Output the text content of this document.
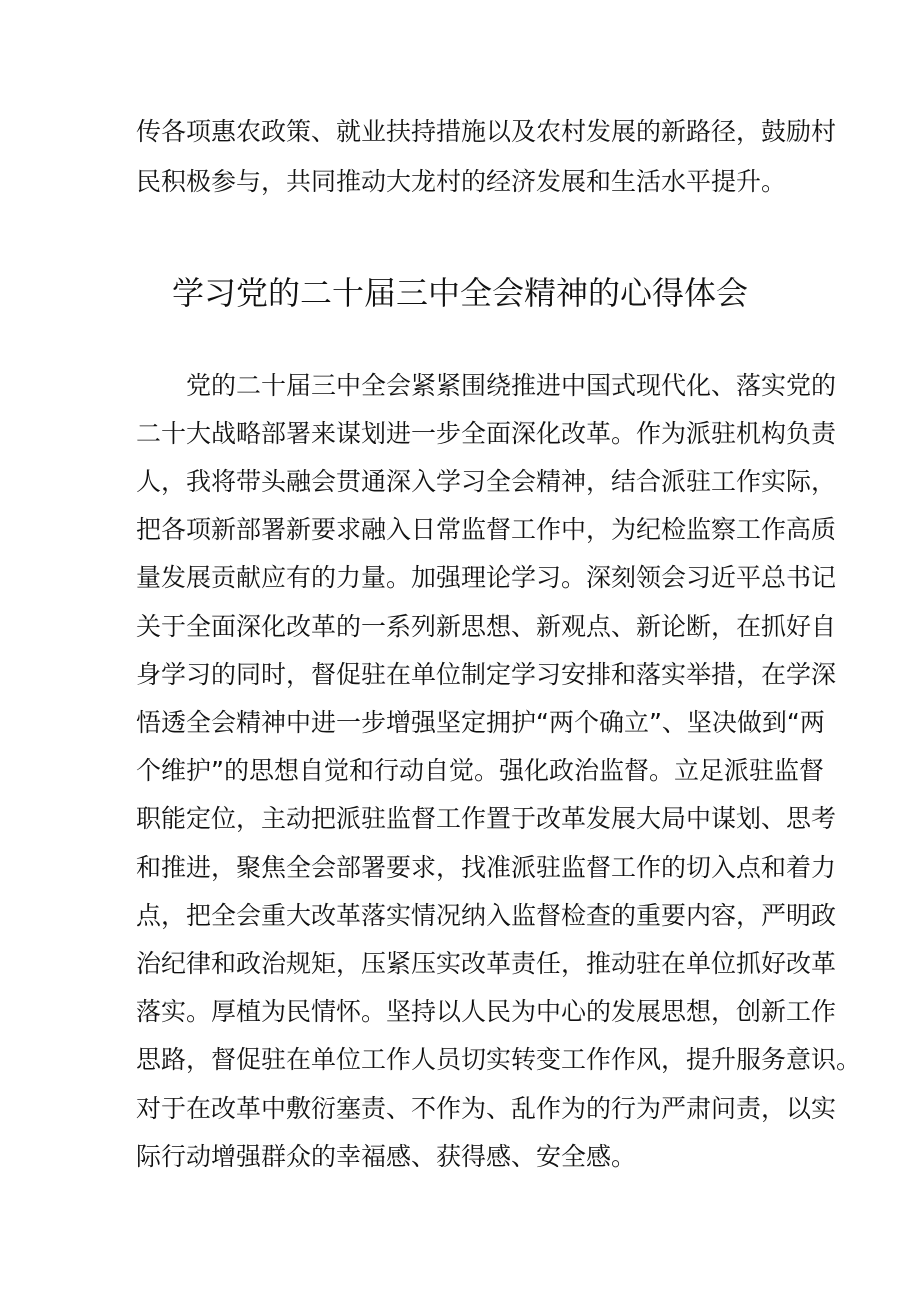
传各项惠农政策、就业扶持措施以及农村发展的新路径，鼓励村
民积极参与，共同推动大龙村的经济发展和生活水平提升。
学习党的二十届三中全会精神的心得体会
党的二十届三中全会紧紧围绕推进中国式现代化、落实党的
二十大战略部署来谋划进一步全面深化改革。作为派驻机构负责
人，我将带头融会贯通深入学习全会精神，结合派驻工作实际，
把各项新部署新要求融入日常监督工作中，为纪检监察工作高质
量发展贡献应有的力量。加强理论学习。深刻领会习近平总书记
关于全面深化改革的一系列新思想、新观点、新论断，在抓好自
身学习的同时，督促驻在单位制定学习安排和落实举措，在学深
悟透全会精神中进一步增强坚定拥护“两个确立”、坚决做到“两
个维护”的思想自觉和行动自觉。强化政治监督。立足派驻监督
职能定位，主动把派驻监督工作置于改革发展大局中谋划、思考
和推进，聚焦全会部署要求，找准派驻监督工作的切入点和着力
点，把全会重大改革落实情况纳入监督检查的重要内容，严明政
治纪律和政治规矩，压紧压实改革责任，推动驻在单位抓好改革
落实。厚植为民情怀。坚持以人民为中心的发展思想，创新工作
思路，督促驻在单位工作人员切实转变工作作风，提升服务意识。
对于在改革中敷衍塞责、不作为、乱作为的行为严肃问责，以实
际行动增强群众的幸福感、获得感、安全感。
